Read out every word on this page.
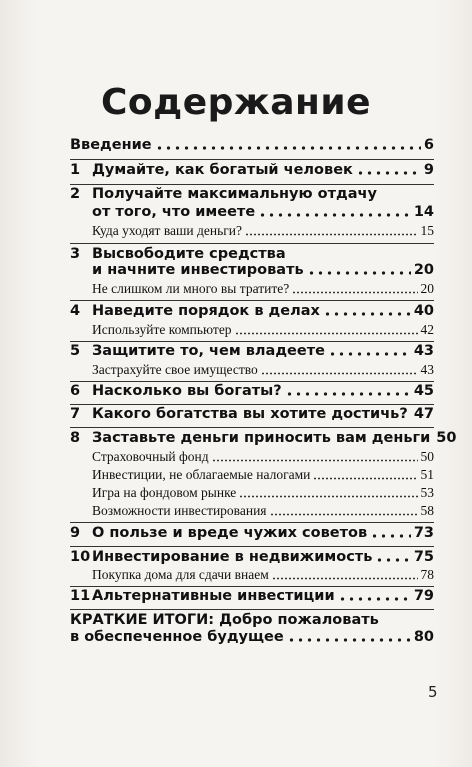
Содержание
Введение	6
1 Думайте, как богатый человек	9
2 Получайте максимальную отдачу
от того, что имеете	14
Куда уходят ваши деньги?	15
3 Высвободите средства
и начните инвестировать	20
Не слишком ли много вы тратите?	20
4 Наведите порядок в делах	40
Используйте компьютер	42
5 Защитите то, чем владеете	43
Застрахуйте свое имущество	43
6 Насколько вы богаты?	45
7 Какого богатства вы хотите достичь? 47
8 Заставьте деньги приносить вам деньги 50
Страховочный фонд	50
Инвестиции, не облагаемые налогами	51
Игра на фондовом рынке	53
Возможности инвестирования	58
9 О пользе и вреде чужих советов	73
10 Инвестирование в недвижимость	75
Покупка дома для сдачи внаем	78
11 Альтернативные инвестиции	79
КРАТКИЕ ИТОГИ: Добро пожаловать
в обеспеченное будущее	80
5
